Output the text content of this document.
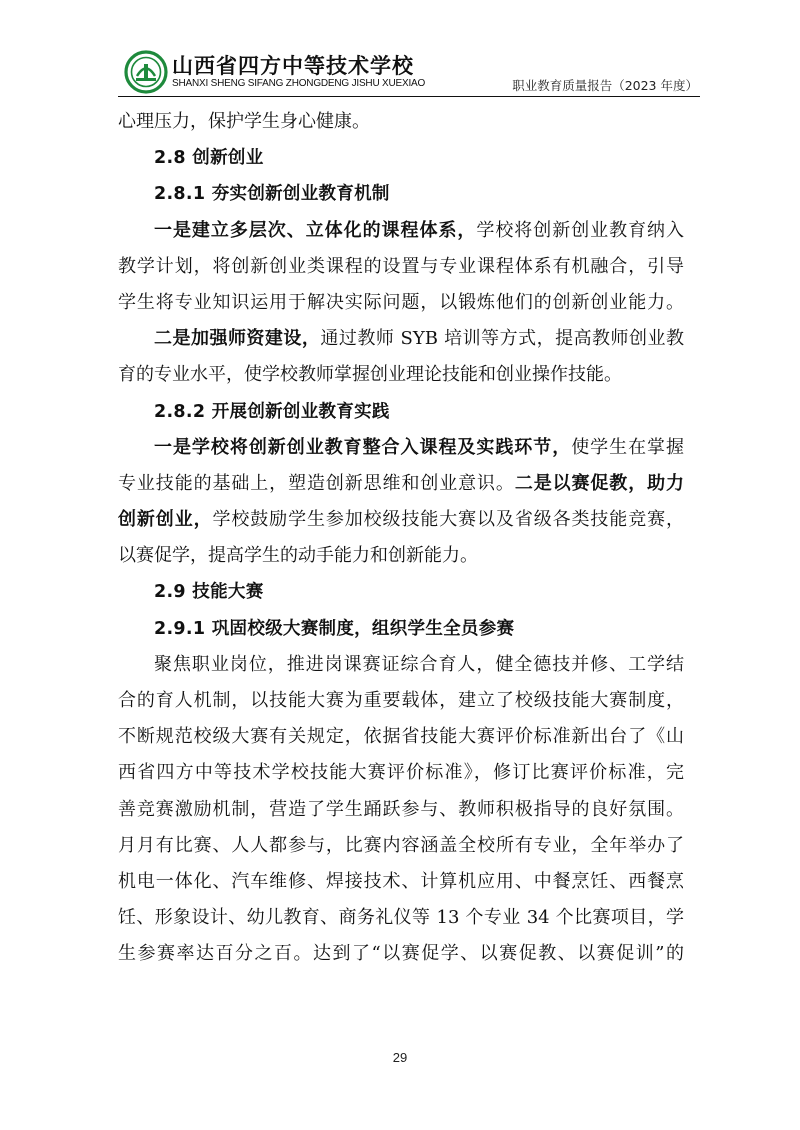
山西省四方中等技术学校
SHANXI SHENG SIFANG ZHONGDENG JISHU XUEXIAO	职业教育质量报告（2023 年度）
心理压力，保护学生身心健康。
2.8 创新创业
2.8.1 夯实创新创业教育机制
一是建立多层次、立体化的课程体系，学校将创新创业教育纳入
教学计划，将创新创业类课程的设置与专业课程体系有机融合，引导
学生将专业知识运用于解决实际问题，以锻炼他们的创新创业能力。
二是加强师资建设，通过教师 SYB 培训等方式，提高教师创业教
育的专业水平，使学校教师掌握创业理论技能和创业操作技能。
2.8.2 开展创新创业教育实践
一是学校将创新创业教育整合入课程及实践环节，使学生在掌握
专业技能的基础上，塑造创新思维和创业意识。二是以赛促教，助力
创新创业，学校鼓励学生参加校级技能大赛以及省级各类技能竞赛，
以赛促学，提高学生的动手能力和创新能力。
2.9 技能大赛
2.9.1 巩固校级大赛制度，组织学生全员参赛
聚焦职业岗位，推进岗课赛证综合育人，健全德技并修、工学结
合的育人机制，以技能大赛为重要载体，建立了校级技能大赛制度，
不断规范校级大赛有关规定，依据省技能大赛评价标准新出台了《山
西省四方中等技术学校技能大赛评价标准》，修订比赛评价标准，完
善竞赛激励机制，营造了学生踊跃参与、教师积极指导的良好氛围。
月月有比赛、人人都参与，比赛内容涵盖全校所有专业，全年举办了
机电一体化、汽车维修、焊接技术、计算机应用、中餐烹饪、西餐烹
饪、形象设计、幼儿教育、商务礼仪等 13 个专业 34 个比赛项目，学
生参赛率达百分之百。达到了“以赛促学、以赛促教、以赛促训”的
29
